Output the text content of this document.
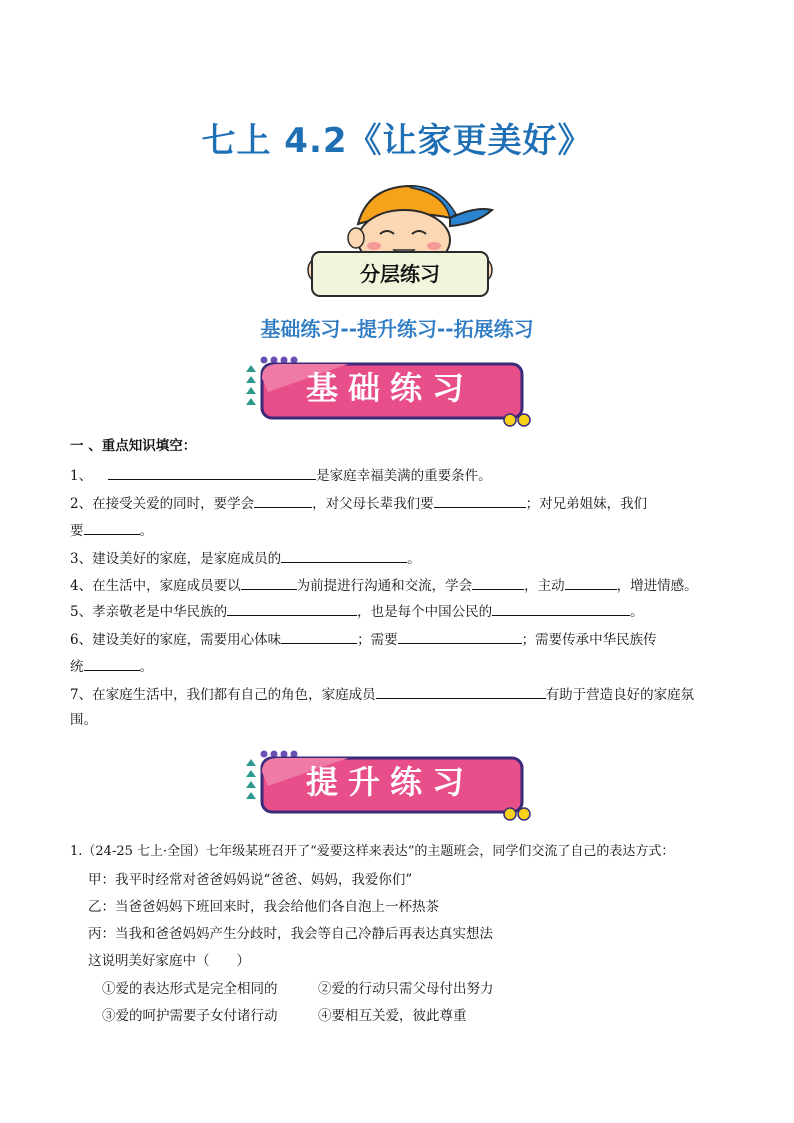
七上 4.2《让家更美好》
分层练习
基础练习--提升练习--拓展练习
基础练习
一 、重点知识填空：
1、	是家庭幸福美满的重要条件。
2、在接受关爱的同时，要学会	，对父母长辈我们要	；对兄弟姐妹，我们
要	。
3、建设美好的家庭，是家庭成员的	。
4、在生活中，家庭成员要以	为前提进行沟通和交流，学会	，主动	，增进情感。
5、孝亲敬老是中华民族的	，也是每个中国公民的	。
6、建设美好的家庭，需要用心体味	；需要	；需要传承中华民族传
统	。
7、在家庭生活中，我们都有自己的角色，家庭成员	有助于营造良好的家庭氛
围。
提升练习
1.（24-25 七上·全国）七年级某班召开了“爱要这样来表达”的主题班会，同学们交流了自己的表达方式：
甲：我平时经常对爸爸妈妈说“爸爸、妈妈，我爱你们”
乙：当爸爸妈妈下班回来时，我会给他们各自泡上一杯热茶
丙：当我和爸爸妈妈产生分歧时，我会等自己冷静后再表达真实想法
这说明美好家庭中（　　）
①爱的表达形式是完全相同的	②爱的行动只需父母付出努力
③爱的呵护需要子女付诸行动	④要相互关爱，彼此尊重
